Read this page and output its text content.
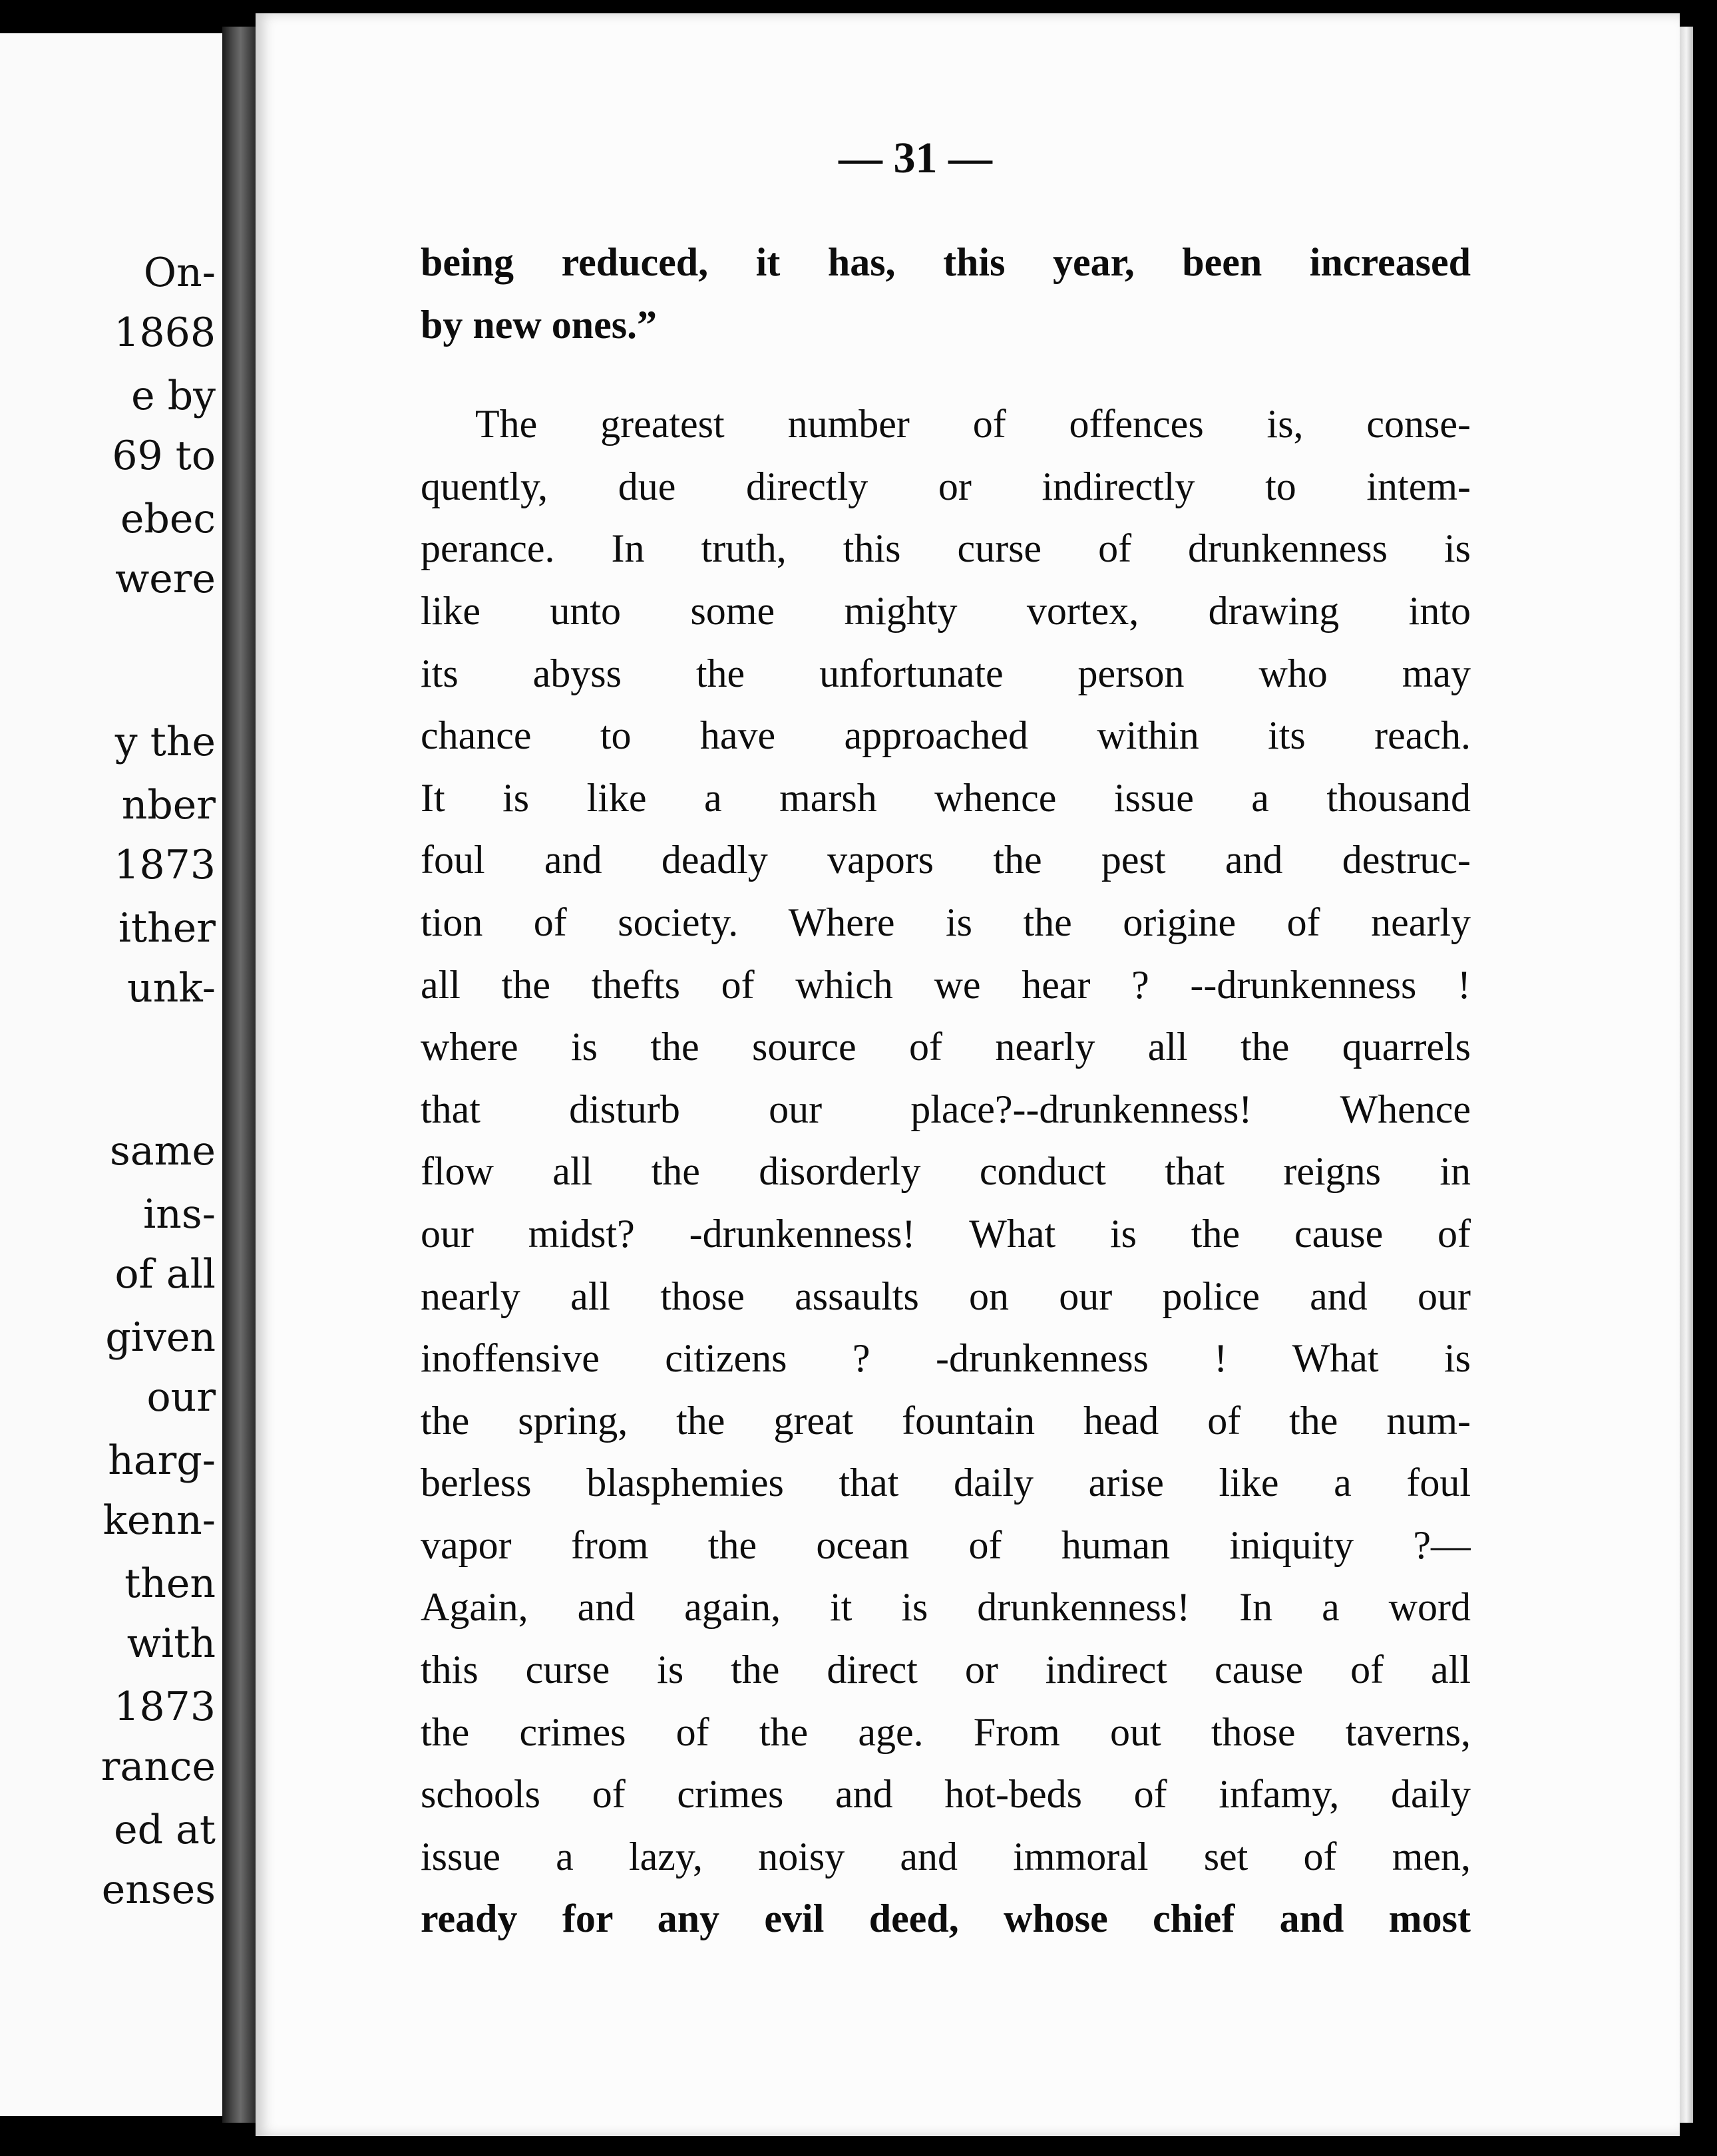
On-
1868
e by
69 to
ebec
were
y the
nber
1873
ither
unk-
same
ins-
of all
given
our
harg-
kenn-
then
with
1873
rance
ed at
enses
— 31 —
being reduced, it has, this year, been increased
by new ones.”
The greatest number of offences is, conse-
quently, due directly or indirectly to intem-
perance. In truth, this curse of drunkenness is
like unto some mighty vortex, drawing into
its abyss the unfortunate person who may
chance to have approached within its reach.
It is like a marsh whence issue a thousand
foul and deadly vapors the pest and destruc-
tion of society. Where is the origine of nearly
all the thefts of which we hear ? --drunkenness !
where is the source of nearly all the quarrels
that disturb our place?--drunkenness! Whence
flow all the disorderly conduct that reigns in
our midst? -drunkenness! What is the cause of
nearly all those assaults on our police and our
inoffensive citizens ? -drunkenness ! What is
the spring, the great fountain head of the num-
berless blasphemies that daily arise like a foul
vapor from the ocean of human iniquity ?—
Again, and again, it is drunkenness! In a word
this curse is the direct or indirect cause of all
the crimes of the age. From out those taverns,
schools of crimes and hot-beds of infamy, daily
issue a lazy, noisy and immoral set of men,
ready for any evil deed, whose chief and most
